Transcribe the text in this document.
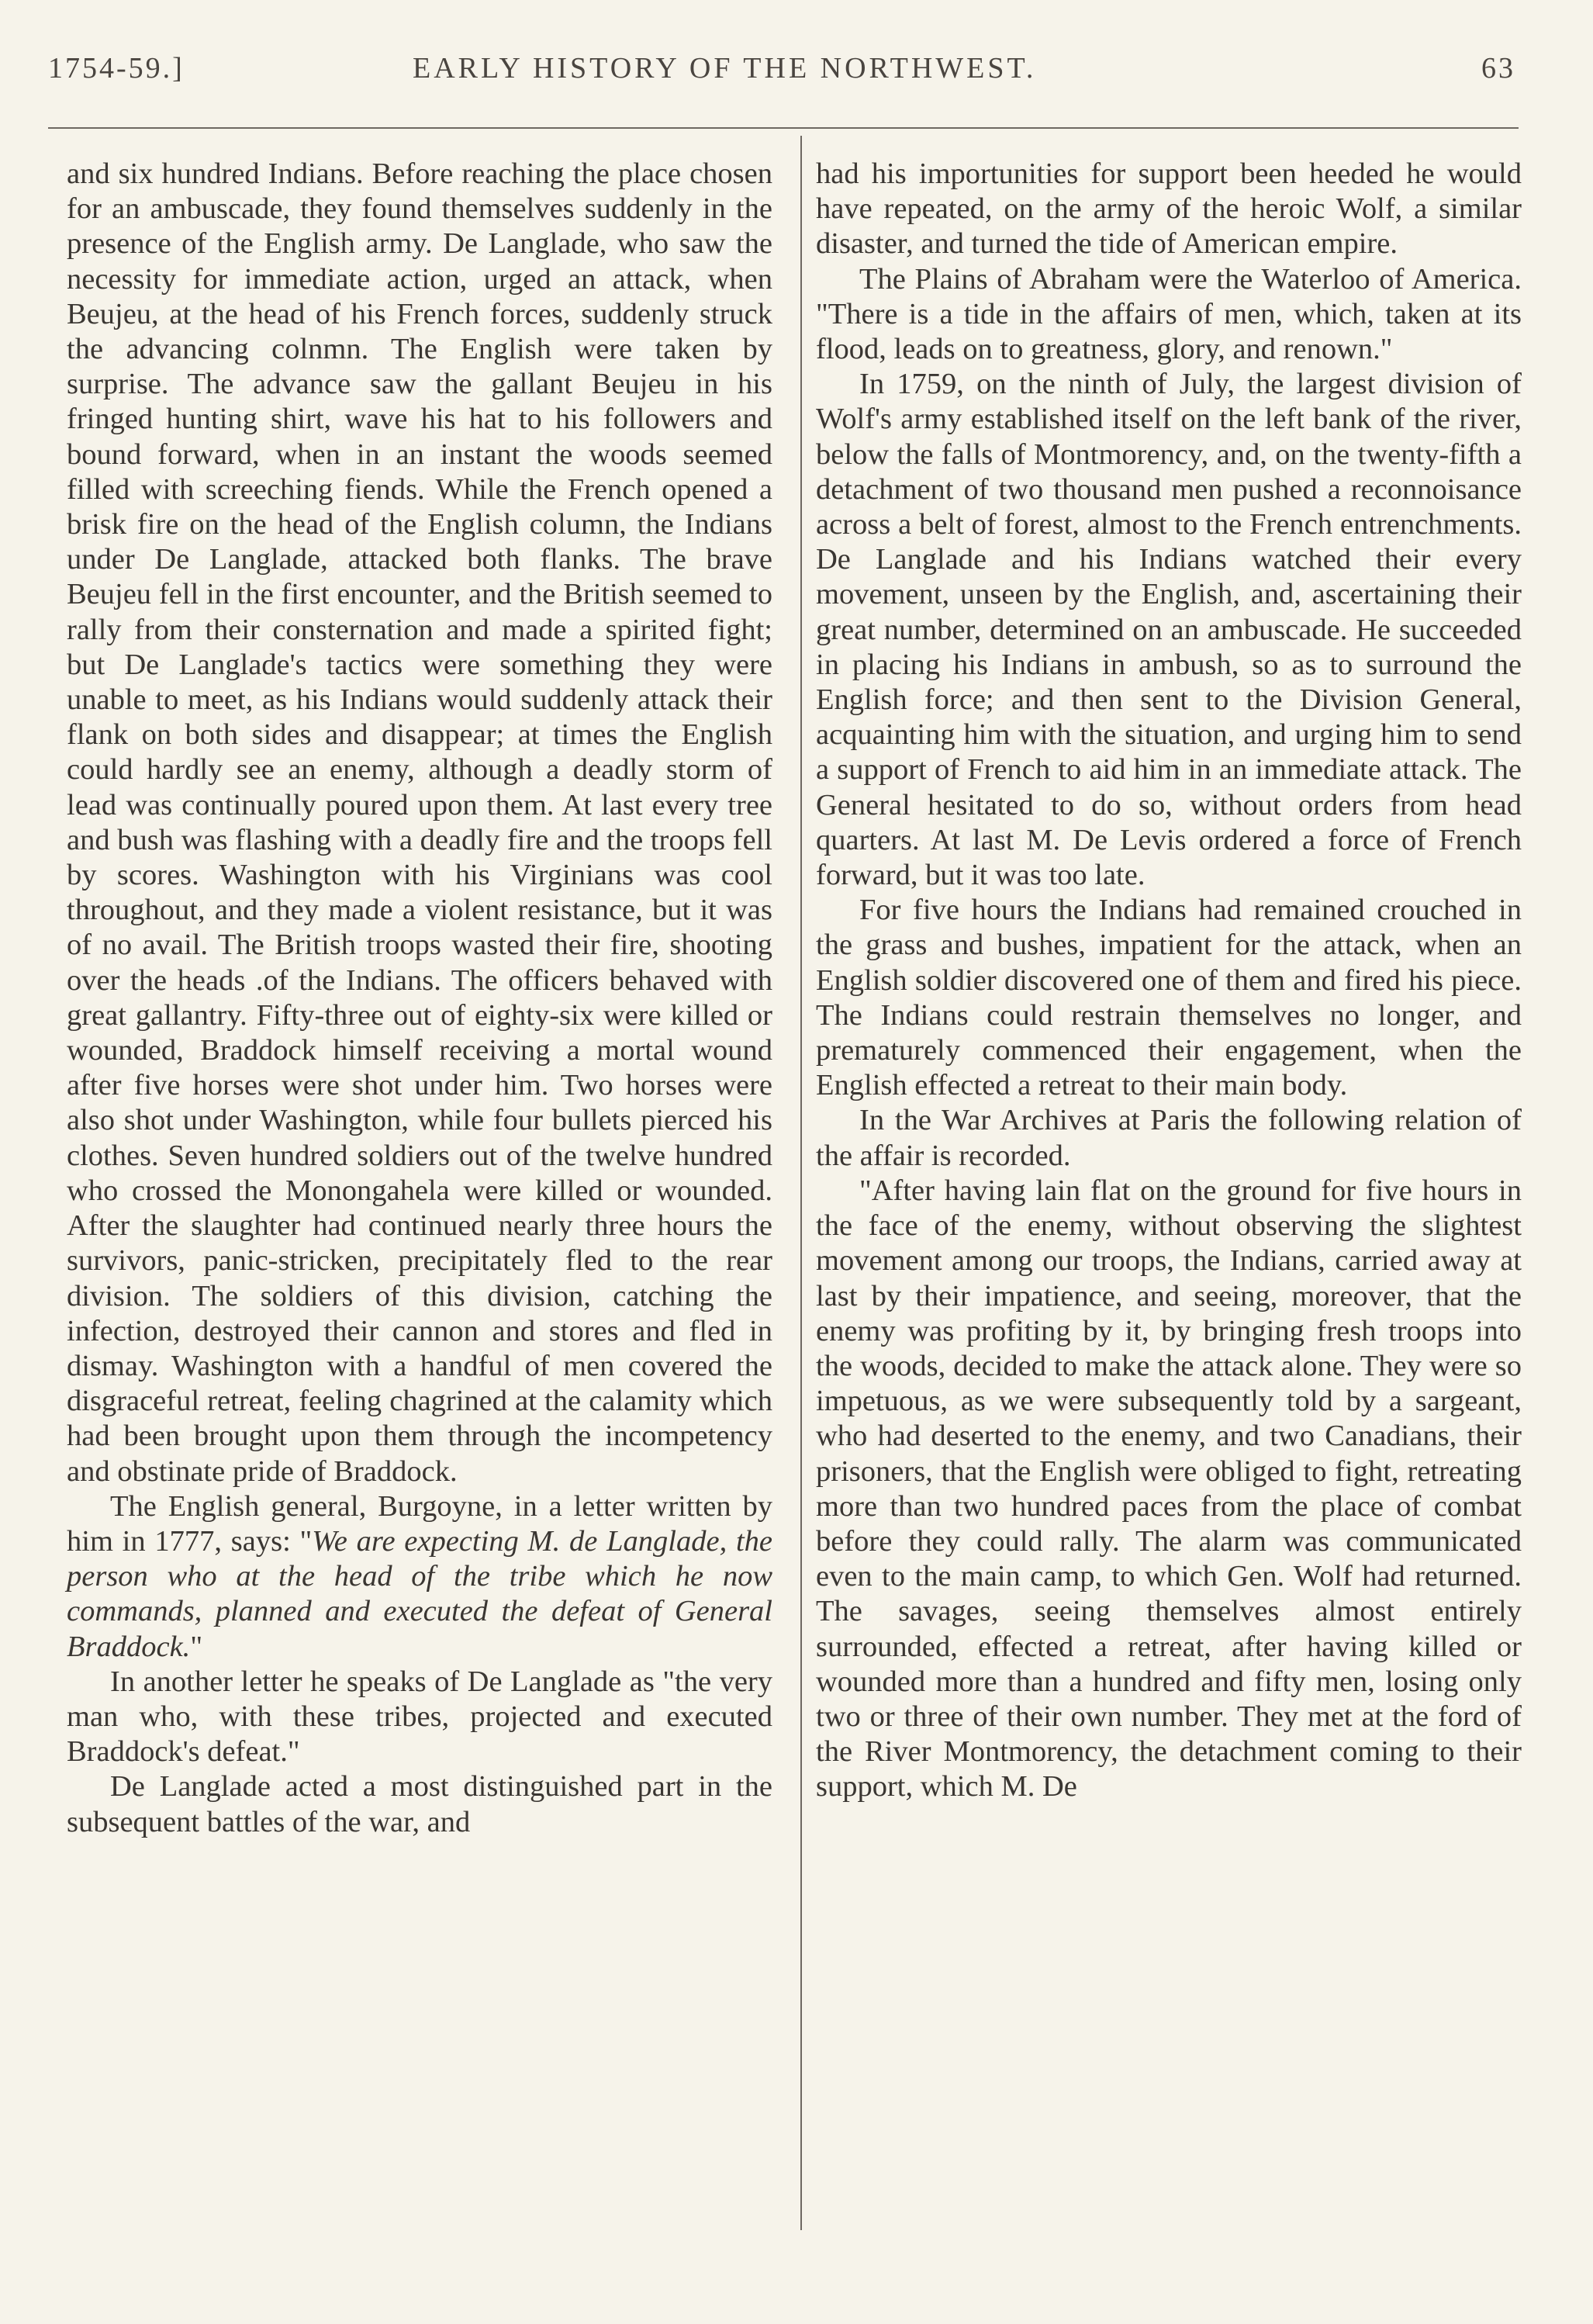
1754-59.]	EARLY HISTORY OF THE NORTHWEST.	63

and six hundred Indians. Before reaching the place chosen for an ambuscade, they found themselves suddenly in the presence of the English army. De Langlade, who saw the necessity for immediate action, urged an attack, when Beujeu, at the head of his French forces, suddenly struck the advancing colnmn. The English were taken by surprise. The advance saw the gallant Beujeu in his fringed hunting shirt, wave his hat to his followers and bound forward, when in an instant the woods seemed filled with screeching fiends. While the French opened a brisk fire on the head of the English column, the Indians under De Langlade, attacked both flanks. The brave Beujeu fell in the first encounter, and the British seemed to rally from their consternation and made a spirited fight; but De Langlade's tactics were something they were unable to meet, as his Indians would suddenly attack their flank on both sides and disappear; at times the English could hardly see an enemy, although a deadly storm of lead was continually poured upon them. At last every tree and bush was flashing with a deadly fire and the troops fell by scores. Washington with his Virginians was cool throughout, and they made a violent resistance, but it was of no avail. The British troops wasted their fire, shooting over the heads .of the Indians. The officers behaved with great gallantry. Fifty-three out of eighty-six were killed or wounded, Braddock himself receiving a mortal wound after five horses were shot under him. Two horses were also shot under Washington, while four bullets pierced his clothes. Seven hundred soldiers out of the twelve hundred who crossed the Monongahela were killed or wounded. After the slaughter had continued nearly three hours the survivors, panic-stricken, precipitately fled to the rear division. The soldiers of this division, catching the infection, destroyed their cannon and stores and fled in dismay. Washington with a handful of men covered the disgraceful retreat, feeling chagrined at the calamity which had been brought upon them through the incompetency and obstinate pride of Braddock.

The English general, Burgoyne, in a letter written by him in 1777, says: "We are expecting M. de Langlade, the person who at the head of the tribe which he now commands, planned and executed the defeat of General Braddock."

In another letter he speaks of De Langlade as "the very man who, with these tribes, projected and executed Braddock's defeat."

De Langlade acted a most distinguished part in the subsequent battles of the war, and

had his importunities for support been heeded he would have repeated, on the army of the heroic Wolf, a similar disaster, and turned the tide of American empire.

The Plains of Abraham were the Waterloo of America. "There is a tide in the affairs of men, which, taken at its flood, leads on to greatness, glory, and renown."

In 1759, on the ninth of July, the largest division of Wolf's army established itself on the left bank of the river, below the falls of Montmorency, and, on the twenty-fifth a detachment of two thousand men pushed a reconnoisance across a belt of forest, almost to the French entrenchments. De Langlade and his Indians watched their every movement, unseen by the English, and, ascertaining their great number, determined on an ambuscade. He succeeded in placing his Indians in ambush, so as to surround the English force; and then sent to the Division General, acquainting him with the situation, and urging him to send a support of French to aid him in an immediate attack. The General hesitated to do so, without orders from head quarters. At last M. De Levis ordered a force of French forward, but it was too late.

For five hours the Indians had remained crouched in the grass and bushes, impatient for the attack, when an English soldier discovered one of them and fired his piece. The Indians could restrain themselves no longer, and prematurely commenced their engagement, when the English effected a retreat to their main body.

In the War Archives at Paris the following relation of the affair is recorded.

"After having lain flat on the ground for five hours in the face of the enemy, without observing the slightest movement among our troops, the Indians, carried away at last by their impatience, and seeing, moreover, that the enemy was profiting by it, by bringing fresh troops into the woods, decided to make the attack alone. They were so impetuous, as we were subsequently told by a sargeant, who had deserted to the enemy, and two Canadians, their prisoners, that the English were obliged to fight, retreating more than two hundred paces from the place of combat before they could rally. The alarm was communicated even to the main camp, to which Gen. Wolf had returned. The savages, seeing themselves almost entirely surrounded, effected a retreat, after having killed or wounded more than a hundred and fifty men, losing only two or three of their own number. They met at the ford of the River Montmorency, the detachment coming to their support, which M. De
